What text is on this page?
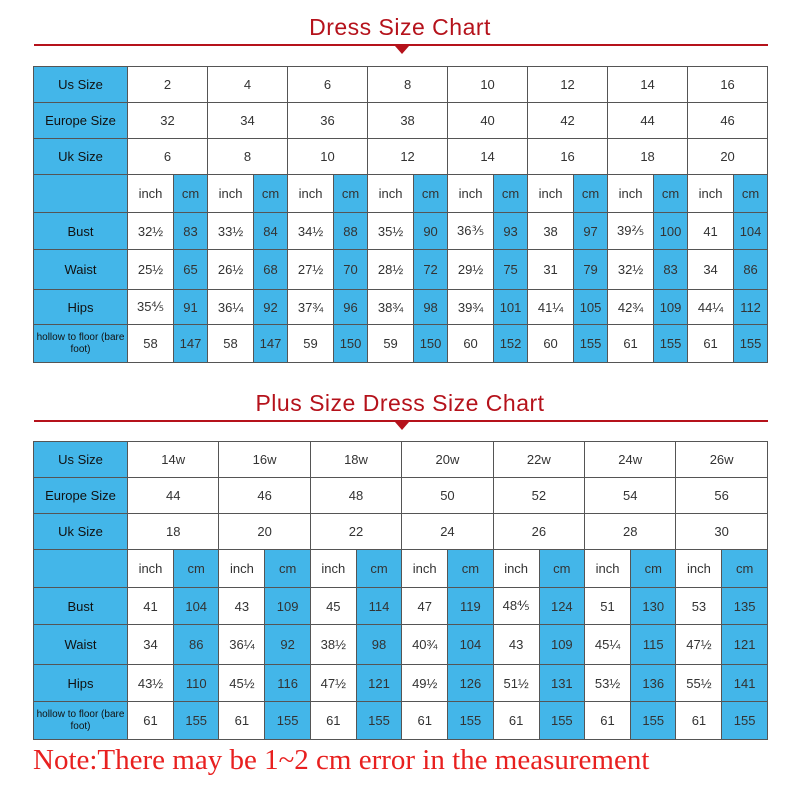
Dress Size Chart
Us Size	2		4		6		8		10		12		14		16	
Europe Size	32		34		36		38		40		42		44		46	
Uk Size	6		8		10		12		14		16		18		20	
	inch	cm	inch	cm	inch	cm	inch	cm	inch	cm	inch	cm	inch	cm	inch	cm
Bust	32½	83	33½	84	34½	88	35½	90	36⅗	93	38	97	39⅖	100	41	104
Waist	25½	65	26½	68	27½	70	28½	72	29½	75	31	79	32½	83	34	86
Hips	35⅘	91	36¼	92	37¾	96	38¾	98	39¾	101	41¼	105	42¾	109	44¼	112
hollow to floor (bare foot)	58	147	58	147	59	150	59	150	60	152	60	155	61	155	61	155
Plus Size Dress Size Chart
Us Size	14w		16w		18w		20w		22w		24w		26w	
Europe Size	44		46		48		50		52		54		56	
Uk Size	18		20		22		24		26		28		30	
	inch	cm	inch	cm	inch	cm	inch	cm	inch	cm	inch	cm	inch	cm
Bust	41	104	43	109	45	114	47	119	48⅘	124	51	130	53	135
Waist	34	86	36¼	92	38½	98	40¾	104	43	109	45¼	115	47½	121
Hips	43½	110	45½	116	47½	121	49½	126	51½	131	53½	136	55½	141
hollow to floor (bare foot)	61	155	61	155	61	155	61	155	61	155	61	155	61	155
Note:There may be 1~2 cm error in the measurement
